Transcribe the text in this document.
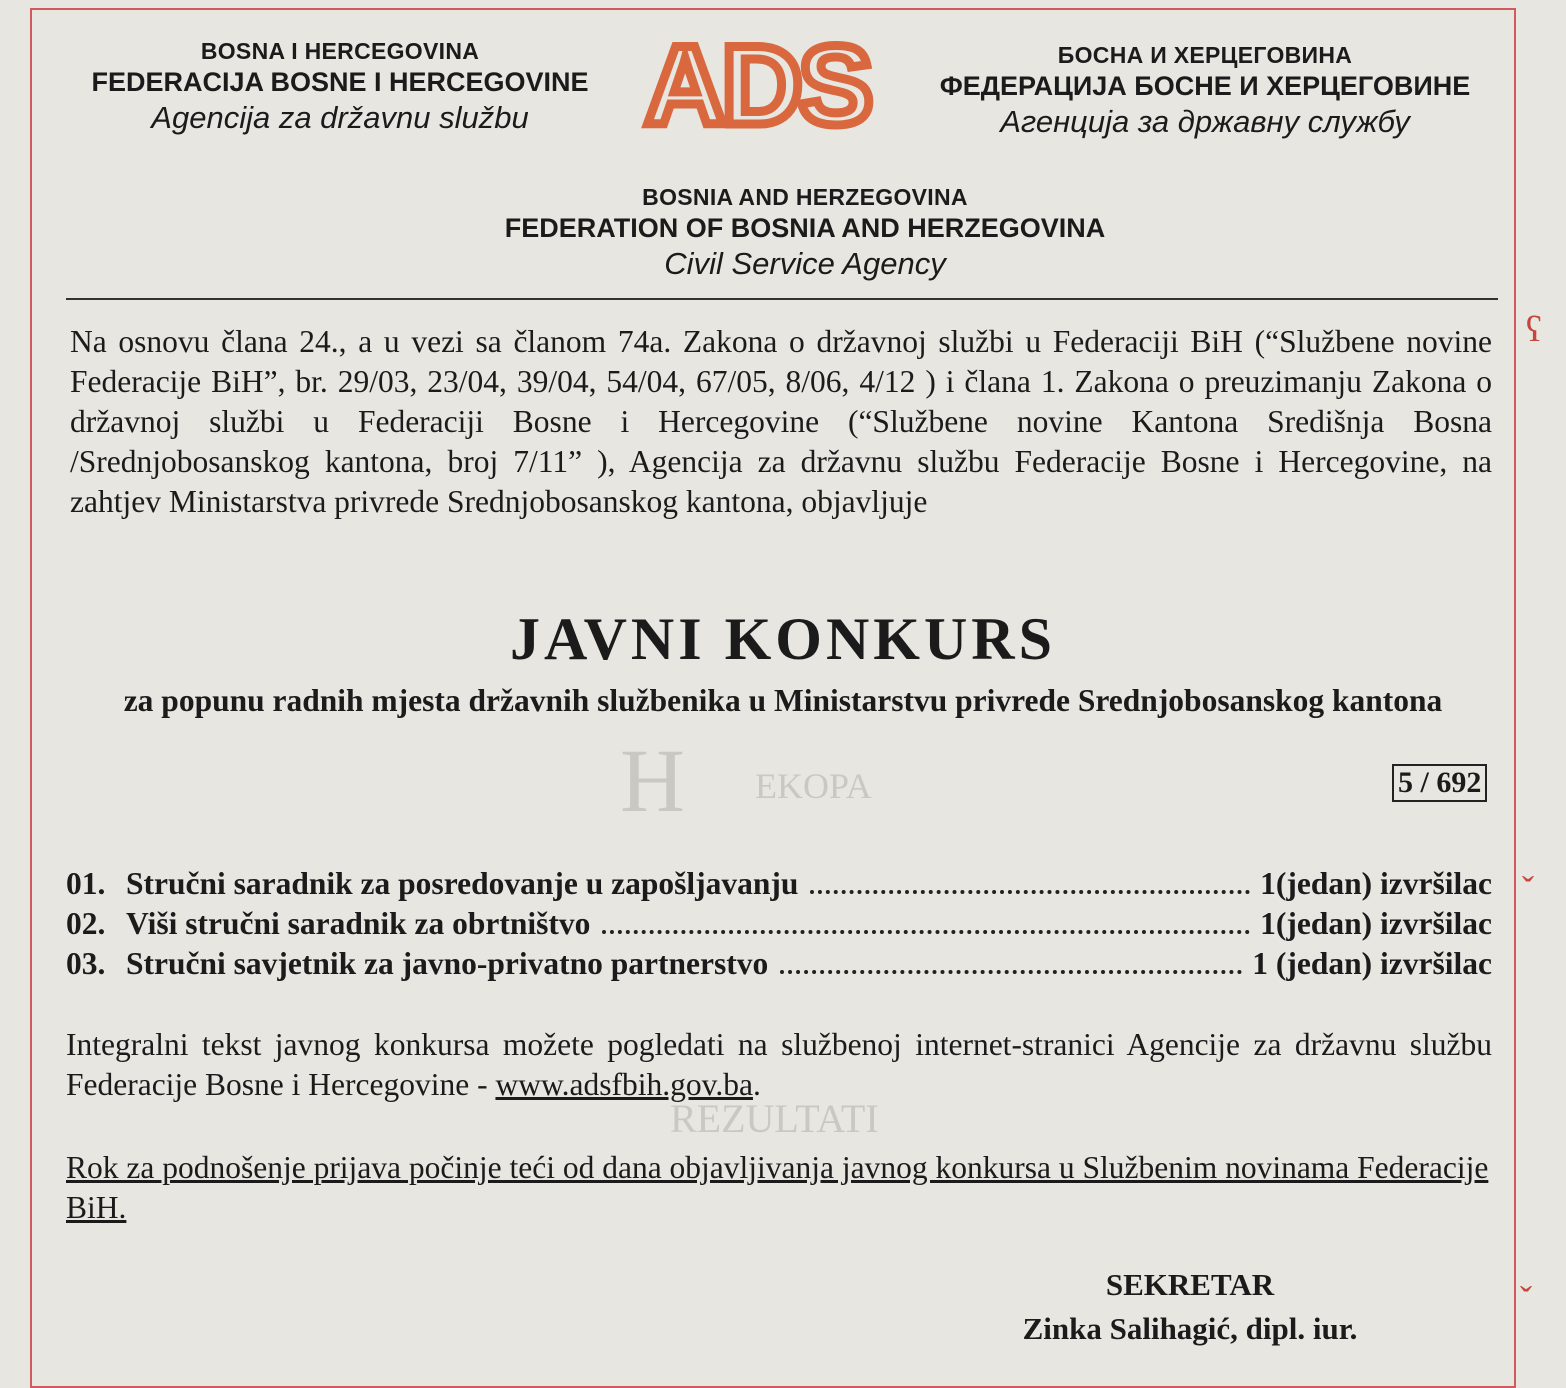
H EKOPA
REZULTATI
BOSNA I HERCEGOVINA
FEDERACIJA BOSNE I HERCEGOVINE
Agencija za državnu službu	ADS	БОСНА И ХЕРЦЕГОВИНА
ФЕДЕРАЦИЈА БОСНЕ И ХЕРЦЕГОВИНЕ
Агенција за државну службу
BOSNIA AND HERZEGOVINA
FEDERATION OF BOSNIA AND HERZEGOVINA
Civil Service Agency

Na osnovu člana 24., a u vezi sa članom 74a. Zakona o državnoj službi u Federaciji BiH (“Službene novine Federacije BiH”, br. 29/03, 23/04, 39/04, 54/04, 67/05, 8/06, 4/12 ) i člana 1. Zakona o preuzimanju Zakona o državnoj službi u Federaciji Bosne i Hercegovine (“Službene novine Kantona Središnja Bosna /Srednjobosanskog kantona, broj 7/11” ), Agencija za državnu službu Federacije Bosne i Hercegovine, na zahtjev Ministarstva privrede Srednjobosanskog kantona, objavljuje

JAVNI KONKURS
za popunu radnih mjesta državnih službenika u Ministarstvu privrede Srednjobosanskog kantona
5 / 692
01. Stručni saradnik za posredovanje u zapošljavanju	1(jedan) izvršilac
02. Viši stručni saradnik za obrtništvo	1(jedan) izvršilac
03. Stručni savjetnik za javno-privatno partnerstvo	1 (jedan) izvršilac

Integralni tekst javnog konkursa možete pogledati na službenoj internet-stranici Agencije za državnu službu Federacije Bosne i Hercegovine - www.adsfbih.gov.ba.

Rok za podnošenje prijava počinje teći od dana objavljivanja javnog konkursa u Službenim novinama Federacije BiH.
SEKRETAR
Zinka Salihagić, dipl. iur.
ʕ
ˇ
ˇ
